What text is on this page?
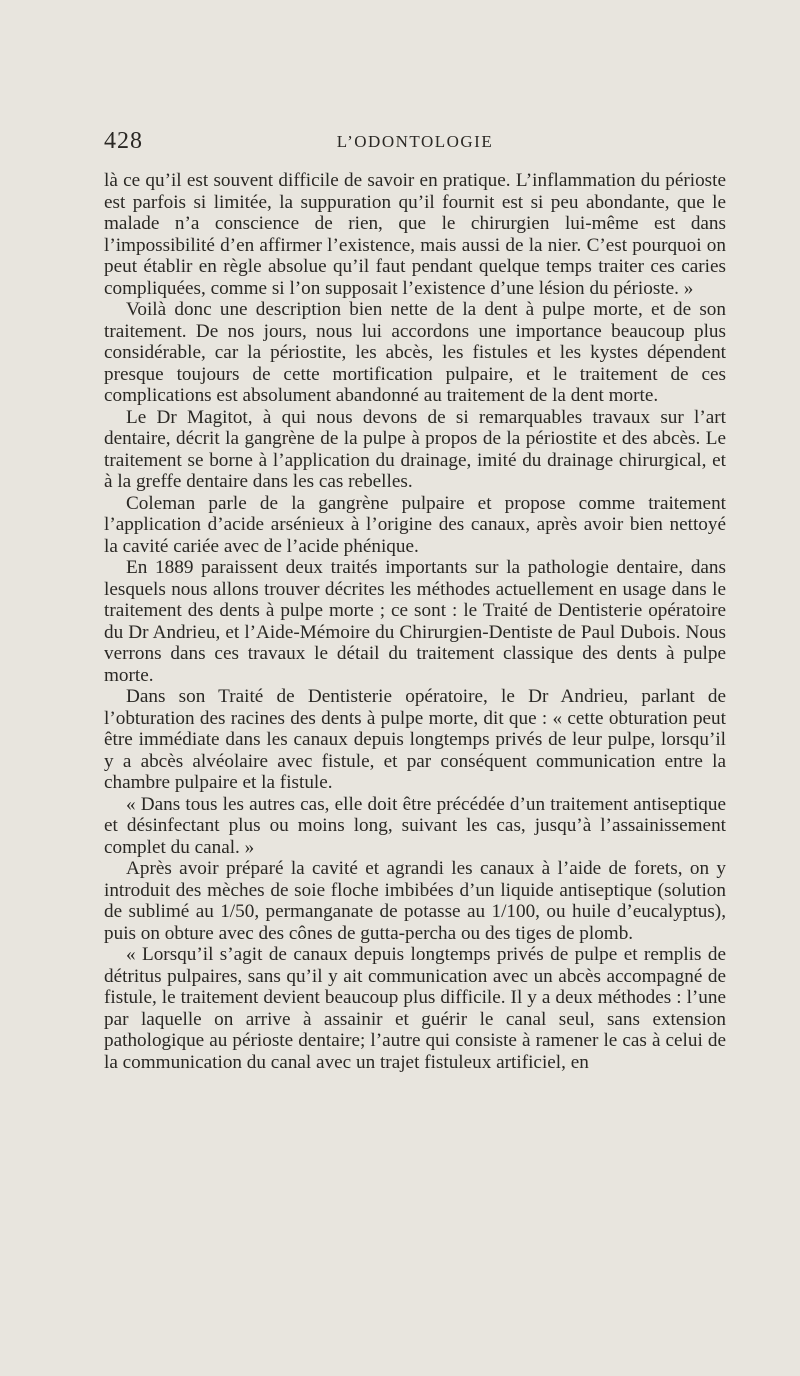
428	L’ODONTOLOGIE

là ce qu’il est souvent difficile de savoir en pratique. L’inflammation du périoste est parfois si limitée, la suppuration qu’il fournit est si peu abondante, que le malade n’a conscience de rien, que le chirurgien lui-même est dans l’impossibilité d’en affirmer l’existence, mais aussi de la nier. C’est pourquoi on peut établir en règle absolue qu’il faut pendant quelque temps traiter ces caries compliquées, comme si l’on supposait l’existence d’une lésion du périoste. »

Voilà donc une description bien nette de la dent à pulpe morte, et de son traitement. De nos jours, nous lui accordons une importance beaucoup plus considérable, car la périostite, les abcès, les fistules et les kystes dépendent presque toujours de cette mortification pulpaire, et le traitement de ces complications est absolument abandonné au traitement de la dent morte.

Le Dr Magitot, à qui nous devons de si remarquables travaux sur l’art dentaire, décrit la gangrène de la pulpe à propos de la périostite et des abcès. Le traitement se borne à l’application du drainage, imité du drainage chirurgical, et à la greffe dentaire dans les cas rebelles.

Coleman parle de la gangrène pulpaire et propose comme traitement l’application d’acide arsénieux à l’origine des canaux, après avoir bien nettoyé la cavité cariée avec de l’acide phénique.

En 1889 paraissent deux traités importants sur la pathologie dentaire, dans lesquels nous allons trouver décrites les méthodes actuellement en usage dans le traitement des dents à pulpe morte ; ce sont : le Traité de Dentisterie opératoire du Dr Andrieu, et l’Aide-Mémoire du Chirurgien-Dentiste de Paul Dubois. Nous verrons dans ces travaux le détail du traitement classique des dents à pulpe morte.

Dans son Traité de Dentisterie opératoire, le Dr Andrieu, parlant de l’obturation des racines des dents à pulpe morte, dit que : « cette obturation peut être immédiate dans les canaux depuis longtemps privés de leur pulpe, lorsqu’il y a abcès alvéolaire avec fistule, et par conséquent communication entre la chambre pulpaire et la fistule.

« Dans tous les autres cas, elle doit être précédée d’un traitement antiseptique et désinfectant plus ou moins long, suivant les cas, jusqu’à l’assainissement complet du canal. »

Après avoir préparé la cavité et agrandi les canaux à l’aide de forets, on y introduit des mèches de soie floche imbibées d’un liquide antiseptique (solution de sublimé au 1/50, permanganate de potasse au 1/100, ou huile d’eucalyptus), puis on obture avec des cônes de gutta-percha ou des tiges de plomb.

« Lorsqu’il s’agit de canaux depuis longtemps privés de pulpe et remplis de détritus pulpaires, sans qu’il y ait communication avec un abcès accompagné de fistule, le traitement devient beaucoup plus difficile. Il y a deux méthodes : l’une par laquelle on arrive à assainir et guérir le canal seul, sans extension pathologique au périoste dentaire; l’autre qui consiste à ramener le cas à celui de la communication du canal avec un trajet fistuleux artificiel, en
